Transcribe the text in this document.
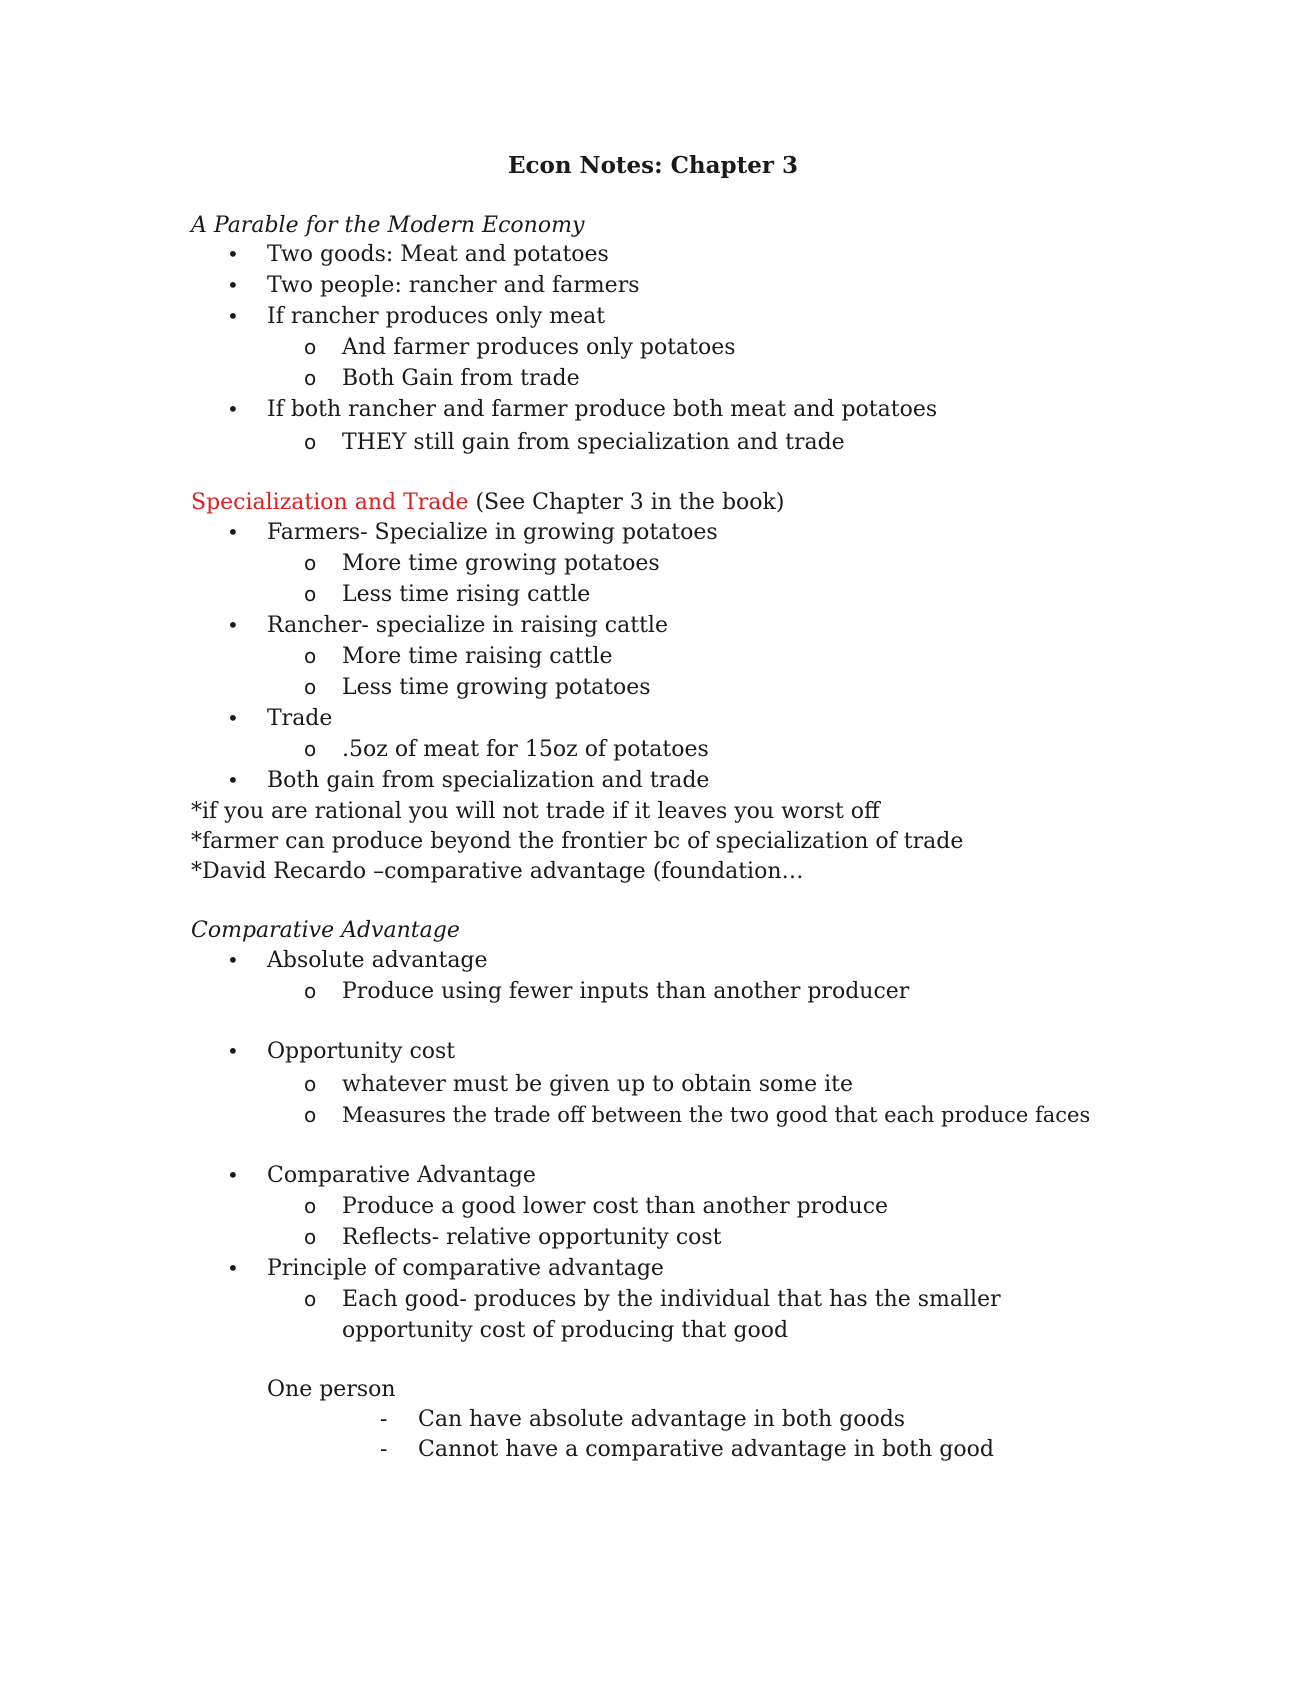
Econ Notes: Chapter 3
A Parable for the Modern Economy
• Two goods: Meat and potatoes
• Two people: rancher and farmers
• If rancher produces only meat
o And farmer produces only potatoes
o Both Gain from trade
• If both rancher and farmer produce both meat and potatoes
o THEY still gain from specialization and trade
Specialization and Trade (See Chapter 3 in the book)
• Farmers- Specialize in growing potatoes
o More time growing potatoes
o Less time rising cattle
• Rancher- specialize in raising cattle
o More time raising cattle
o Less time growing potatoes
• Trade
o .5oz of meat for 15oz of potatoes
• Both gain from specialization and trade
*if you are rational you will not trade if it leaves you worst off
*farmer can produce beyond the frontier bc of specialization of trade
*David Recardo –comparative advantage (foundation…
Comparative Advantage
• Absolute advantage
o Produce using fewer inputs than another producer
• Opportunity cost
o whatever must be given up to obtain some ite
o Measures the trade off between the two good that each produce faces
• Comparative Advantage
o Produce a good lower cost than another produce
o Reflects- relative opportunity cost
• Principle of comparative advantage
o Each good- produces by the individual that has the smaller
opportunity cost of producing that good
One person
- Can have absolute advantage in both goods
- Cannot have a comparative advantage in both good
